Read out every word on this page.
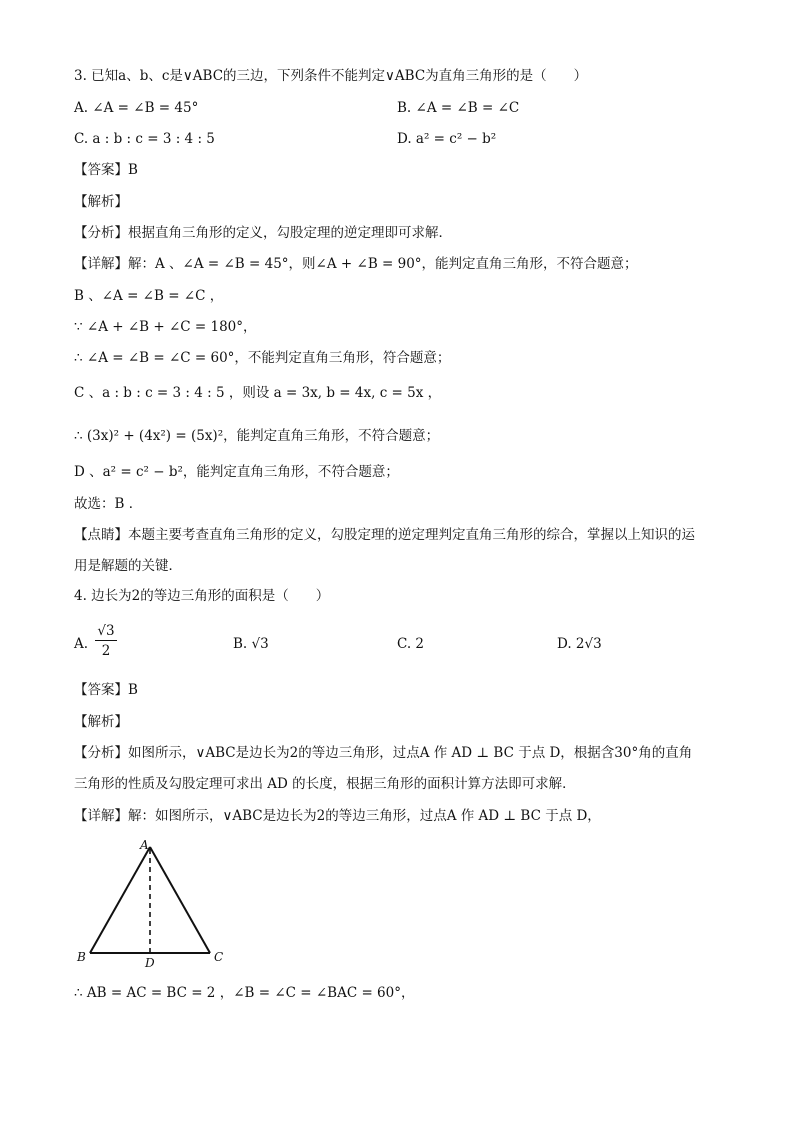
3. 已知a、b、c是∨ABC的三边，下列条件不能判定∨ABC为直角三角形的是（　　）
A. ∠A = ∠B = 45°	B. ∠A = ∠B = ∠C
C. a : b : c = 3 : 4 : 5	D. a² = c² − b²
【答案】B
【解析】
【分析】根据直角三角形的定义，勾股定理的逆定理即可求解．
【详解】解：A 、∠A = ∠B = 45°，则∠A + ∠B = 90°，能判定直角三角形，不符合题意；
B 、∠A = ∠B = ∠C ，
∵ ∠A + ∠B + ∠C = 180°，
∴ ∠A = ∠B = ∠C = 60°，不能判定直角三角形，符合题意；
C 、a : b : c = 3 : 4 : 5 ，则设 a = 3x, b = 4x, c = 5x ，
∴ (3x)² + (4x²) = (5x)²，能判定直角三角形，不符合题意；
D 、a² = c² − b²，能判定直角三角形，不符合题意；
故选：B ．
【点睛】本题主要考查直角三角形的定义，勾股定理的逆定理判定直角三角形的综合，掌握以上知识的运
用是解题的关键．
4. 边长为2的等边三角形的面积是（　　）
A. $\frac{√3}{2}$	B. √3	C. 2	D. 2√3
【答案】B
【解析】
【分析】如图所示，∨ABC是边长为2的等边三角形，过点A 作 AD ⊥ BC 于点 D，根据含30°角的直角
三角形的性质及勾股定理可求出 AD 的长度，根据三角形的面积计算方法即可求解．
【详解】解：如图所示，∨ABC是边长为2的等边三角形，过点A 作 AD ⊥ BC 于点 D，
A
B	C
D
∴ AB = AC = BC = 2 ，∠B = ∠C = ∠BAC = 60°，
